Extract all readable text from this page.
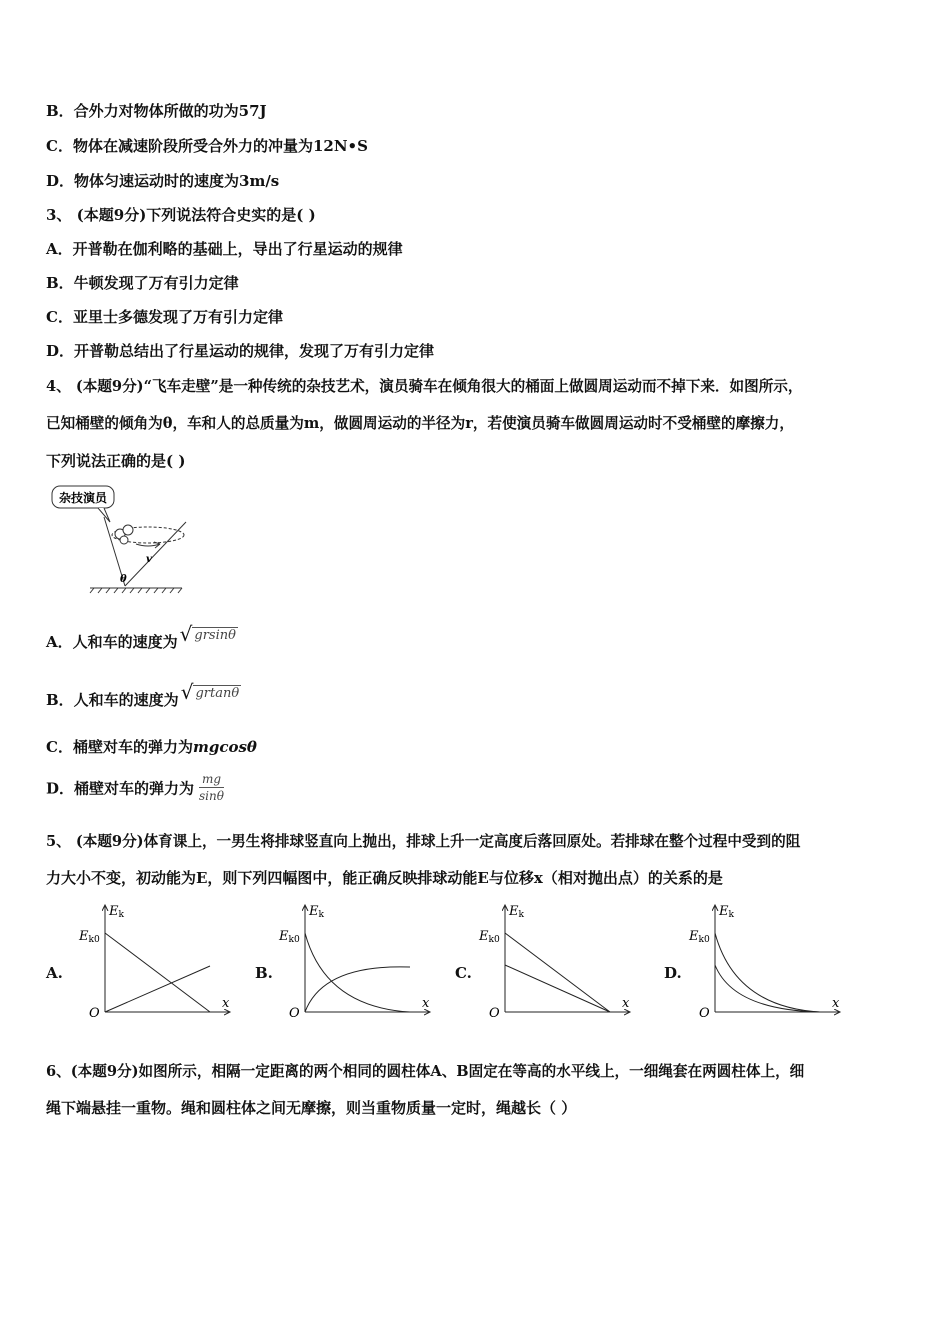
B．合外力对物体所做的功为57J
C．物体在减速阶段所受合外力的冲量为12N•S
D．物体匀速运动时的速度为3m/s
3、 (本题9分)下列说法符合史实的是( )
A．开普勒在伽利略的基础上，导出了行星运动的规律
B．牛顿发现了万有引力定律
C．亚里士多德发现了万有引力定律
D．开普勒总结出了行星运动的规律，发现了万有引力定律
4、 (本题9分)“飞车走壁”是一种传统的杂技艺术，演员骑车在倾角很大的桶面上做圆周运动而不掉下来．如图所示，
已知桶壁的倾角为θ，车和人的总质量为m，做圆周运动的半径为r，若使演员骑车做圆周运动时不受桶壁的摩擦力，
下列说法正确的是( )
杂技演员
v
θ
A．人和车的速度为 √ grsinθ
B．人和车的速度为 √ grtanθ
C．桶壁对车的弹力为mgcosθ
D．桶壁对车的弹力为 $\frac{mg}{\sin\theta}$
5、 (本题9分)体育课上，一男生将排球竖直向上抛出，排球上升一定高度后落回原处。若排球在整个过程中受到的阻
力大小不变，初动能为E，则下列四幅图中，能正确反映排球动能E与位移x（相对抛出点）的关系的是
A.	B.	C.	D.
Ek
Ek0
O
x
Ek
Ek0
O
x
Ek
Ek0
O
x
Ek
Ek0
O
x
6、(本题9分)如图所示，相隔一定距离的两个相同的圆柱体A、B固定在等高的水平线上，一细绳套在两圆柱体上，细
绳下端悬挂一重物。绳和圆柱体之间无摩擦，则当重物质量一定时，绳越长（ ）
